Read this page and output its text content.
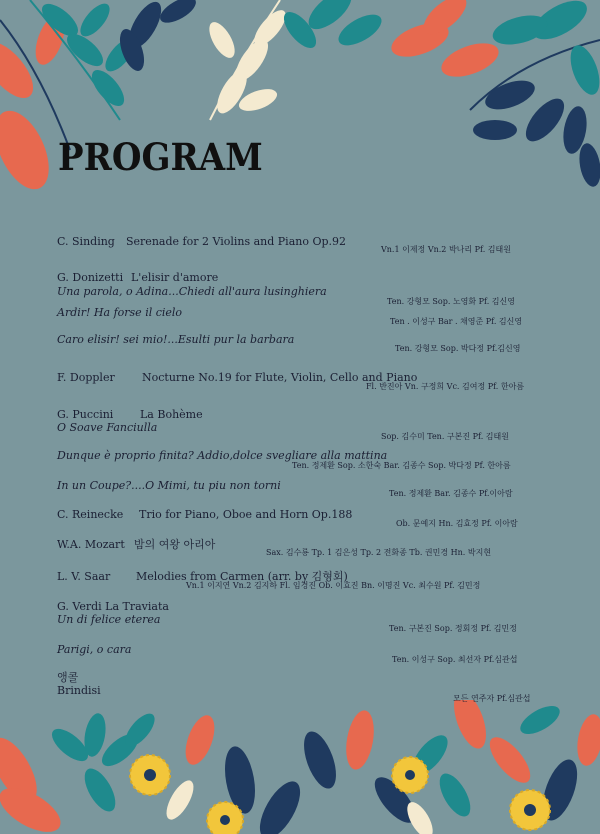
PROGRAM
C. Sinding Serenade for 2 Violins and Piano Op.92
Vn.1 이제정 Vn.2 박나리 Pf. 김태원
G. Donizetti L'elisir d'amore
Una parola, o Adina...Chiedi all'aura lusinghiera
Ten. 강형모 Sop. 노영화 Pf. 김신영
Ardir! Ha forse il cielo
Ten . 이성구 Bar . 채영준 Pf. 김신영
Caro elisir! sei mio!...Esulti pur la barbara
Ten. 강형모 Sop. 박다정 Pf.김신영
F. Doppler Nocturne No.19 for Flute, Violin, Cello and Piano
Fl. 반진아 Vn. 구정희 Vc. 김여정 Pf. 한아름
G. Puccini La Bohème
O Soave Fanciulla
Sop. 김수미 Ten. 구본진 Pf. 김태원
Dunque è proprio finita? Addio,dolce svegliare alla mattina
Ten. 정제환 Sop. 소한숙 Bar. 김종수 Sop. 박다정 Pf. 한아름
In un Coupe?....O Mimi, tu piu non torni
Ten. 정제환 Bar. 김종수 Pf.이아람
C. Reinecke Trio for Piano, Oboe and Horn Op.188
Ob. 문예지 Hn. 김효정 Pf. 이아람
W.A. Mozart 밤의 여왕 아리아
Sax. 김수룡 Tp. 1 김은성 Tp. 2 전화종 Tb. 권민경 Hn. 박지현
L. V. Saar Melodies from Carmen (arr. by 김형회)
Vn.1 이지연 Vn.2 김지하 Fl. 임경진 Ob. 이효진 Bn. 이명진 Vc. 최수원 Pf. 김민정
G. Verdi La Traviata
Un di felice eterea
Ten. 구본진 Sop. 정회정 Pf. 김민정
Parigi, o cara
Ten. 이성구 Sop. 최선자 Pf.심관섭
앵콜
Brindisi
모든 연주자 Pf.심관섭
